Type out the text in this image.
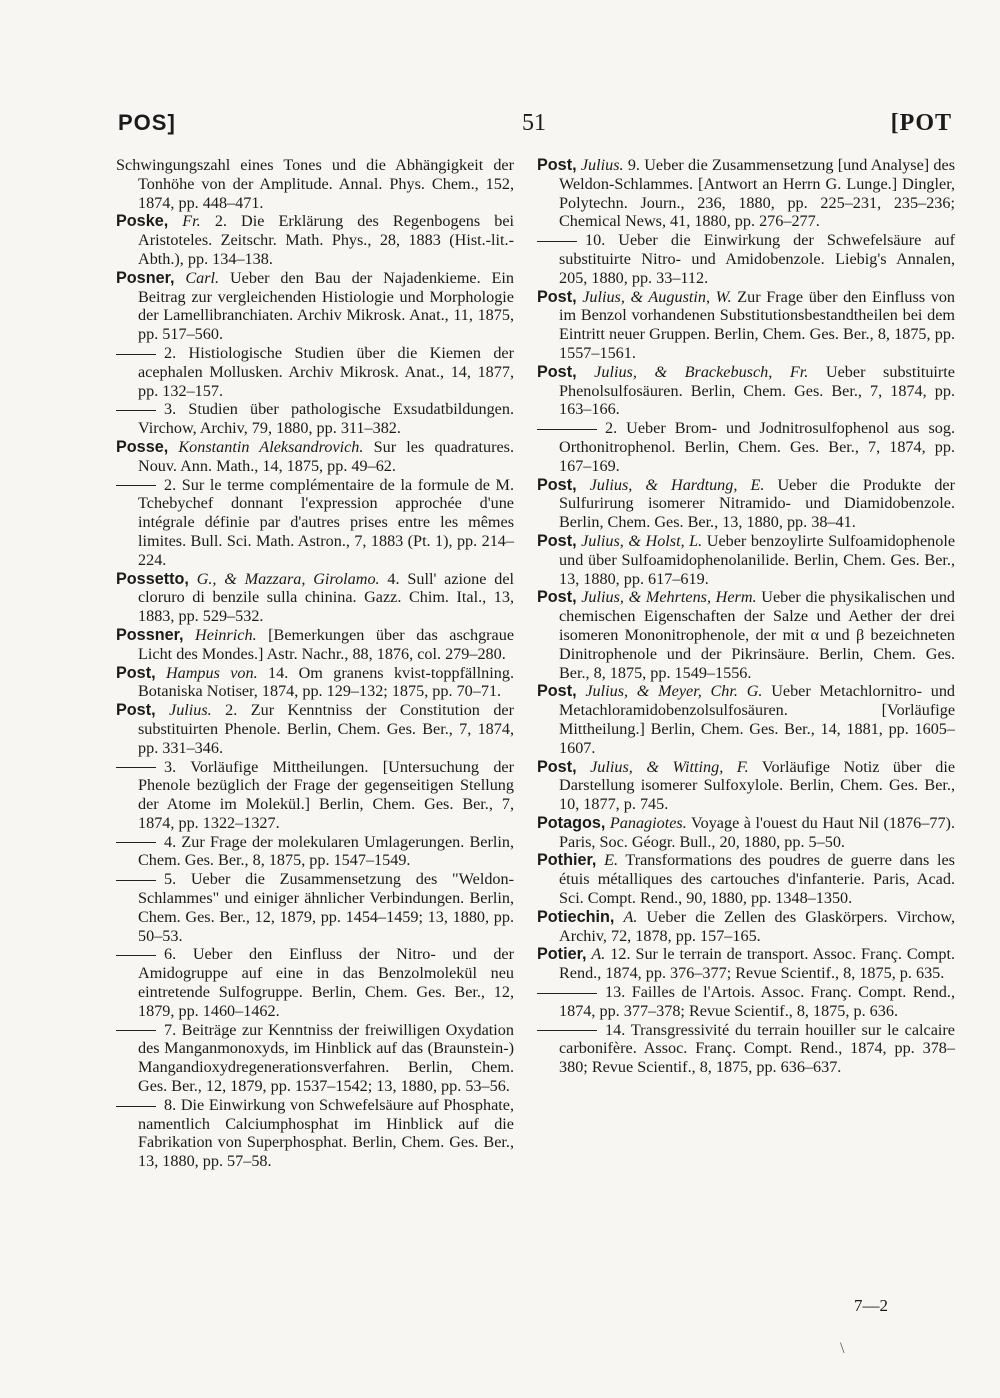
POS]	51	[POT

Schwingungszahl eines Tones und die Abhängigkeit der Tonhöhe von der Amplitude. Annal. Phys. Chem., 152, 1874, pp. 448–471.

Poske, Fr. 2. Die Erklärung des Regenbogens bei Aristoteles. Zeitschr. Math. Phys., 28, 1883 (Hist.-lit.-Abth.), pp. 134–138.

Posner, Carl. Ueber den Bau der Najadenkieme. Ein Beitrag zur vergleichenden Histiologie und Morphologie der Lamellibranchiaten. Archiv Mikrosk. Anat., 11, 1875, pp. 517–560.

2. Histiologische Studien über die Kiemen der acephalen Mollusken. Archiv Mikrosk. Anat., 14, 1877, pp. 132–157.

3. Studien über pathologische Exsudatbildungen. Virchow, Archiv, 79, 1880, pp. 311–382.

Posse, Konstantin Aleksandrovich. Sur les quadratures. Nouv. Ann. Math., 14, 1875, pp. 49–62.

2. Sur le terme complémentaire de la formule de M. Tchebychef donnant l'expression approchée d'une intégrale définie par d'autres prises entre les mêmes limites. Bull. Sci. Math. Astron., 7, 1883 (Pt. 1), pp. 214–224.

Possetto, G., & Mazzara, Girolamo. 4. Sull' azione del cloruro di benzile sulla chinina. Gazz. Chim. Ital., 13, 1883, pp. 529–532.

Possner, Heinrich. [Bemerkungen über das aschgraue Licht des Mondes.] Astr. Nachr., 88, 1876, col. 279–280.

Post, Hampus von. 14. Om granens kvist-toppfällning. Botaniska Notiser, 1874, pp. 129–132; 1875, pp. 70–71.

Post, Julius. 2. Zur Kenntniss der Constitution der substituirten Phenole. Berlin, Chem. Ges. Ber., 7, 1874, pp. 331–346.

3. Vorläufige Mittheilungen. [Untersuchung der Phenole bezüglich der Frage der gegenseitigen Stellung der Atome im Molekül.] Berlin, Chem. Ges. Ber., 7, 1874, pp. 1322–1327.

4. Zur Frage der molekularen Umlagerungen. Berlin, Chem. Ges. Ber., 8, 1875, pp. 1547–1549.

5. Ueber die Zusammensetzung des "Weldon-Schlammes" und einiger ähnlicher Verbindungen. Berlin, Chem. Ges. Ber., 12, 1879, pp. 1454–1459; 13, 1880, pp. 50–53.

6. Ueber den Einfluss der Nitro- und der Amidogruppe auf eine in das Benzolmolekül neu eintretende Sulfogruppe. Berlin, Chem. Ges. Ber., 12, 1879, pp. 1460–1462.

7. Beiträge zur Kenntniss der freiwilligen Oxydation des Manganmonoxyds, im Hinblick auf das (Braunstein-) Mangandioxydregenerationsverfahren. Berlin, Chem. Ges. Ber., 12, 1879, pp. 1537–1542; 13, 1880, pp. 53–56.

8. Die Einwirkung von Schwefelsäure auf Phosphate, namentlich Calciumphosphat im Hinblick auf die Fabrikation von Superphosphat. Berlin, Chem. Ges. Ber., 13, 1880, pp. 57–58.

Post, Julius. 9. Ueber die Zusammensetzung [und Analyse] des Weldon-Schlammes. [Antwort an Herrn G. Lunge.] Dingler, Polytechn. Journ., 236, 1880, pp. 225–231, 235–236; Chemical News, 41, 1880, pp. 276–277.

10. Ueber die Einwirkung der Schwefelsäure auf substituirte Nitro- und Amidobenzole. Liebig's Annalen, 205, 1880, pp. 33–112.

Post, Julius, & Augustin, W. Zur Frage über den Einfluss von im Benzol vorhandenen Substitutionsbestandtheilen bei dem Eintritt neuer Gruppen. Berlin, Chem. Ges. Ber., 8, 1875, pp. 1557–1561.

Post, Julius, & Brackebusch, Fr. Ueber substituirte Phenolsulfosäuren. Berlin, Chem. Ges. Ber., 7, 1874, pp. 163–166.

2. Ueber Brom- und Jodnitrosulfophenol aus sog. Orthonitrophenol. Berlin, Chem. Ges. Ber., 7, 1874, pp. 167–169.

Post, Julius, & Hardtung, E. Ueber die Produkte der Sulfurirung isomerer Nitramido- und Diamidobenzole. Berlin, Chem. Ges. Ber., 13, 1880, pp. 38–41.

Post, Julius, & Holst, L. Ueber benzoylirte Sulfoamidophenole und über Sulfoamidophenolanilide. Berlin, Chem. Ges. Ber., 13, 1880, pp. 617–619.

Post, Julius, & Mehrtens, Herm. Ueber die physikalischen und chemischen Eigenschaften der Salze und Aether der drei isomeren Mononitrophenole, der mit α und β bezeichneten Dinitrophenole und der Pikrinsäure. Berlin, Chem. Ges. Ber., 8, 1875, pp. 1549–1556.

Post, Julius, & Meyer, Chr. G. Ueber Metachlornitro- und Metachloramidobenzolsulfosäuren. [Vorläufige Mittheilung.] Berlin, Chem. Ges. Ber., 14, 1881, pp. 1605–1607.

Post, Julius, & Witting, F. Vorläufige Notiz über die Darstellung isomerer Sulfoxylole. Berlin, Chem. Ges. Ber., 10, 1877, p. 745.

Potagos, Panagiotes. Voyage à l'ouest du Haut Nil (1876–77). Paris, Soc. Géogr. Bull., 20, 1880, pp. 5–50.

Pothier, E. Transformations des poudres de guerre dans les étuis métalliques des cartouches d'infanterie. Paris, Acad. Sci. Compt. Rend., 90, 1880, pp. 1348–1350.

Potiechin, A. Ueber die Zellen des Glaskörpers. Virchow, Archiv, 72, 1878, pp. 157–165.

Potier, A. 12. Sur le terrain de transport. Assoc. Franç. Compt. Rend., 1874, pp. 376–377; Revue Scientif., 8, 1875, p. 635.

13. Failles de l'Artois. Assoc. Franç. Compt. Rend., 1874, pp. 377–378; Revue Scientif., 8, 1875, p. 636.

14. Transgressivité du terrain houiller sur le calcaire carbonifère. Assoc. Franç. Compt. Rend., 1874, pp. 378–380; Revue Scientif., 8, 1875, pp. 636–637.

7—2
\
